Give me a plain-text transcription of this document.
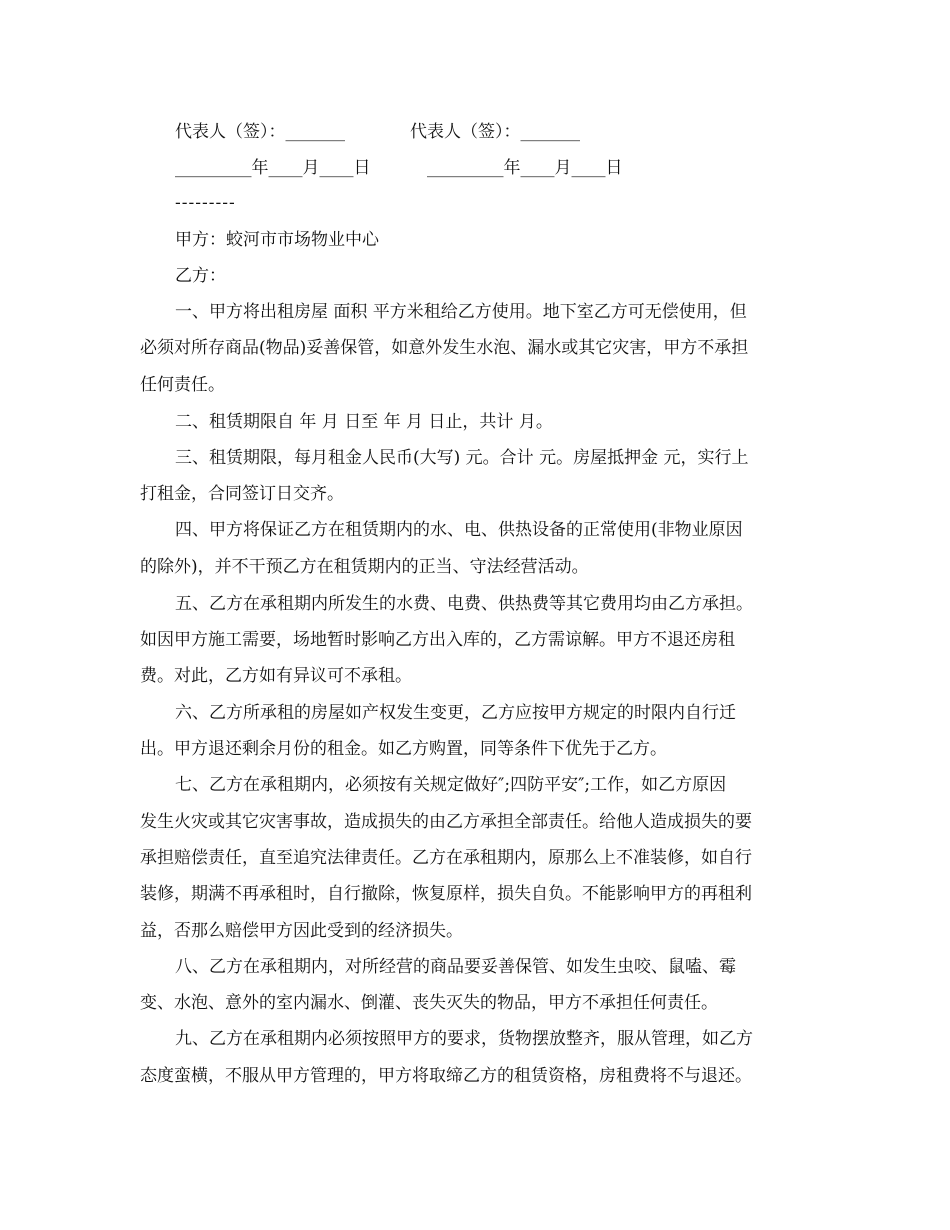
代表人（签）：_______	代表人（签）：_______
_________年____月____日	_________年____月____日
---------
甲方：蛟河市市场物业中心
乙方：
一、甲方将出租房屋 面积 平方米租给乙方使用。地下室乙方可无偿使用，但
必须对所存商品(物品)妥善保管，如意外发生水泡、漏水或其它灾害，甲方不承担
任何责任。
二、租赁期限自 年 月 日至 年 月 日止，共计 月。
三、租赁期限，每月租金人民币(大写) 元。合计 元。房屋抵押金 元，实行上
打租金，合同签订日交齐。
四、甲方将保证乙方在租赁期内的水、电、供热设备的正常使用(非物业原因
的除外)，并不干预乙方在租赁期内的正当、守法经营活动。
五、乙方在承租期内所发生的水费、电费、供热费等其它费用均由乙方承担。
如因甲方施工需要，场地暂时影响乙方出入库的，乙方需谅解。甲方不退还房租
费。对此，乙方如有异议可不承租。
六、乙方所承租的房屋如产权发生变更，乙方应按甲方规定的时限内自行迁
出。甲方退还剩余月份的租金。如乙方购置，同等条件下优先于乙方。
七、乙方在承租期内，必须按有关规定做好″;四防平安″;工作，如乙方原因
发生火灾或其它灾害事故，造成损失的由乙方承担全部责任。给他人造成损失的要
承担赔偿责任，直至追究法律责任。乙方在承租期内，原那么上不准装修，如自行
装修，期满不再承租时，自行撤除，恢复原样，损失自负。不能影响甲方的再租利
益，否那么赔偿甲方因此受到的经济损失。
八、乙方在承租期内，对所经营的商品要妥善保管、如发生虫咬、鼠嗑、霉
变、水泡、意外的室内漏水、倒灌、丧失灭失的物品，甲方不承担任何责任。
九、乙方在承租期内必须按照甲方的要求，货物摆放整齐，服从管理，如乙方
态度蛮横，不服从甲方管理的，甲方将取缔乙方的租赁资格，房租费将不与退还。
